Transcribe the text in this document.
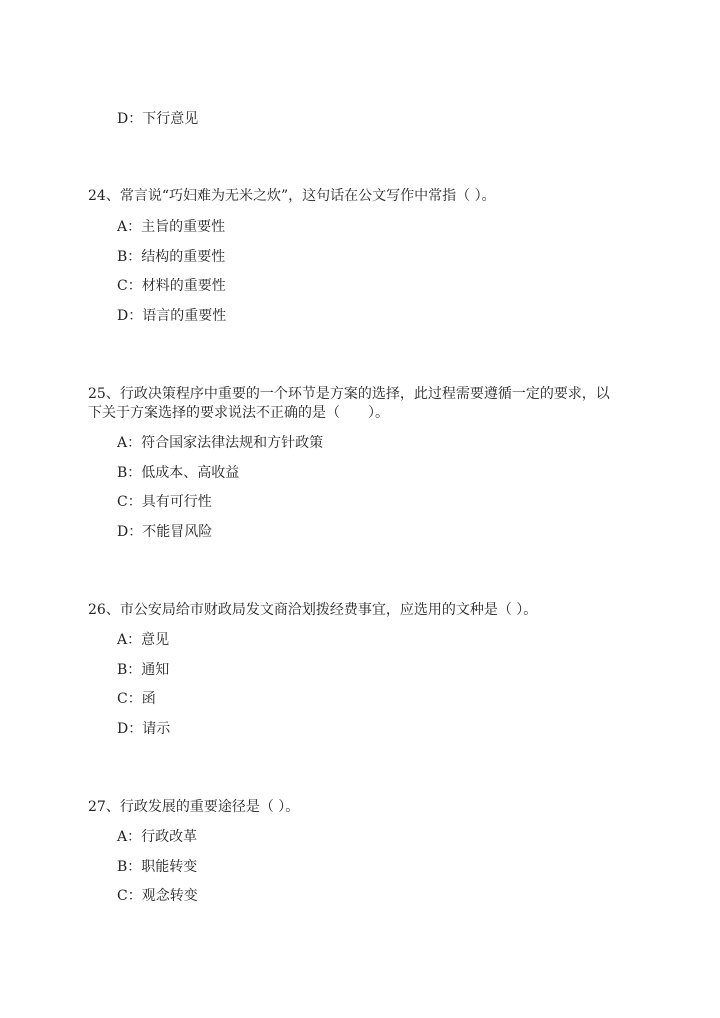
D：下行意见
24、常言说“巧妇难为无米之炊”，这句话在公文写作中常指（ ）。
A：主旨的重要性
B：结构的重要性
C：材料的重要性
D：语言的重要性
25、行政决策程序中重要的一个环节是方案的选择，此过程需要遵循一定的要求，以
下关于方案选择的要求说法不正确的是（　　）。
A：符合国家法律法规和方针政策
B：低成本、高收益
C：具有可行性
D：不能冒风险
26、市公安局给市财政局发文商洽划拨经费事宜，应选用的文种是（ ）。
A：意见
B：通知
C：函
D：请示
27、行政发展的重要途径是（ ）。
A：行政改革
B：职能转变
C：观念转变
